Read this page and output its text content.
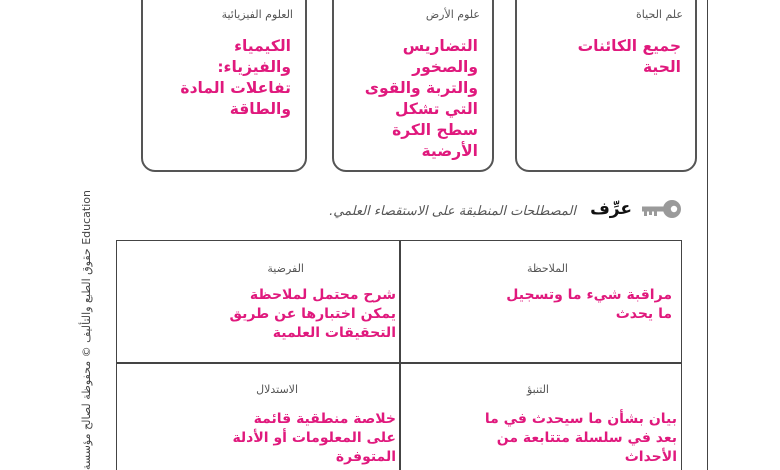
علم الحياة
جميع الكائنات
الحية
علوم الأرض
التضاريس
والصخور
والتربة والقوى
التي تشكل
سطح الكرة
الأرضية
العلوم الفيزيائية
الكيمياء
والفيزياء:
تفاعلات المادة
والطاقة
عرِّف
المصطلحات المنطبقة على الاستقصاء العلمي.
الملاحظة
مراقبة شيء ما وتسجيل
ما يحدث
الفرضية
شرح محتمل لملاحظة
يمكن اختبارها عن طريق
التحقيقات العلمية
التنبؤ
بيان بشأن ما سيحدث في ما
بعد في سلسلة متتابعة من
الأحداث
الاستدلال
خلاصة منطقية قائمة
على المعلومات أو الأدلة
المتوفرة
Education حقوق الطبع والتأليف © محفوظة لصالح مؤسسة
